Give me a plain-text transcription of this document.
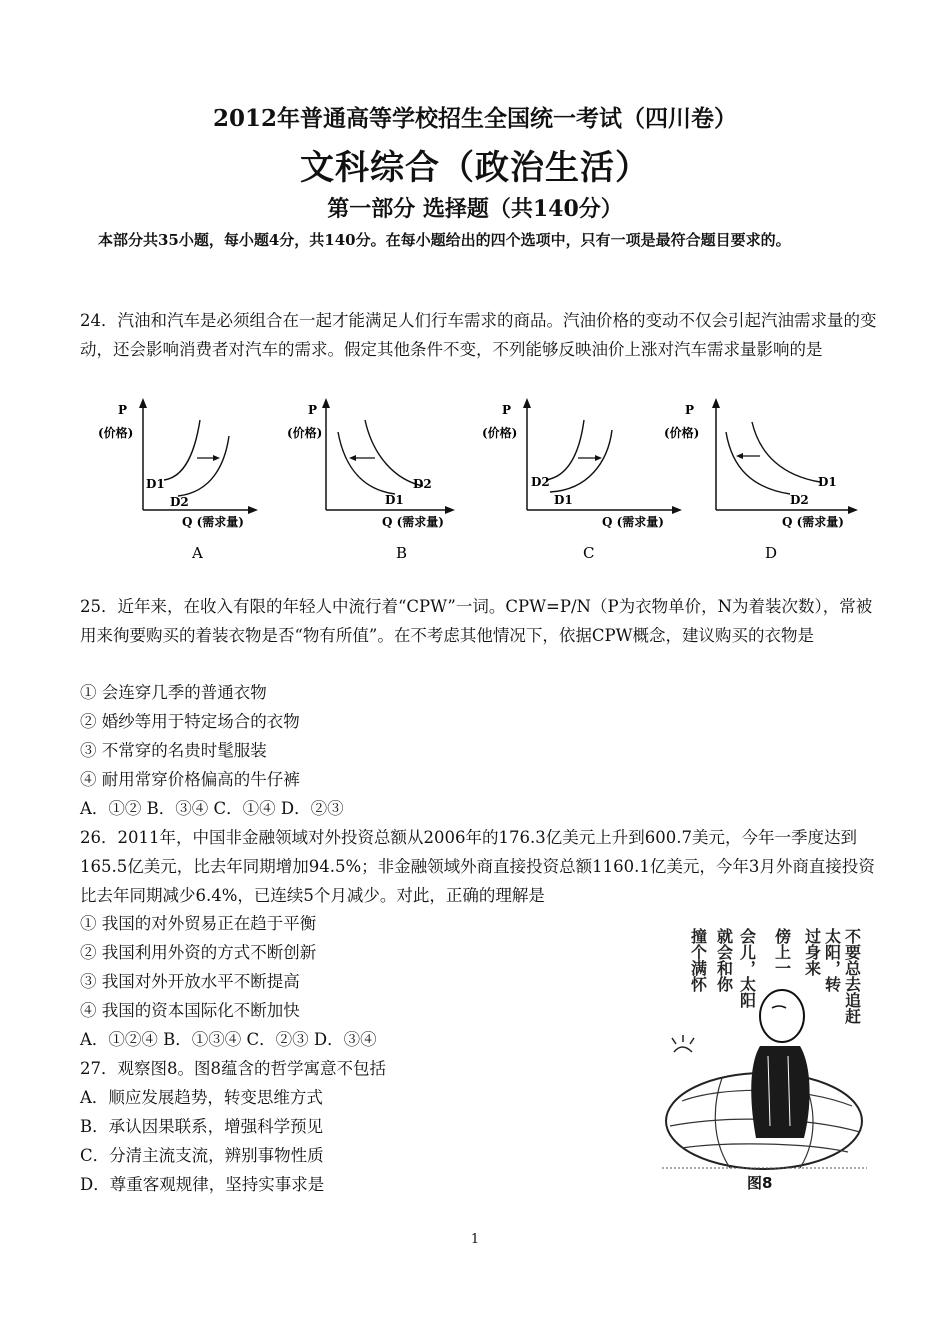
2012年普通高等学校招生全国统一考试（四川卷）
文科综合（政治生活）
第一部分 选择题（共140分）
本部分共35小题，每小题4分，共140分。在每小题给出的四个选项中，只有一项是最符合题目要求的。
24．汽油和汽车是必须组合在一起才能满足人们行车需求的商品。汽油价格的变动不仅会引起汽油需求量的变动，还会影响消费者对汽车的需求。假定其他条件不变，不列能够反映油价上涨对汽车需求量影响的是
P
(价格)
D1
D2
Q (需求量)
A
P
(价格)
D1
D2
Q (需求量)
B
P
(价格)
D2
D1
Q (需求量)
C
P
(价格)
D2
D1
Q (需求量)
D
25．近年来，在收入有限的年轻人中流行着“CPW”一词。CPW=P/N（P为衣物单价，N为着装次数），常被用来徇要购买的着装衣物是否“物有所值”。在不考虑其他情况下，依据CPW概念，建议购买的衣物是
① 会连穿几季的普通衣物
② 婚纱等用于特定场合的衣物
③ 不常穿的名贵时髦服装
④ 耐用常穿价格偏高的牛仔裤
A．①② B．③④ C．①④ D．②③
26．2011年，中国非金融领域对外投资总额从2006年的176.3亿美元上升到600.7美元，今年一季度达到165.5亿美元，比去年同期增加94.5%；非金融领域外商直接投资总额1160.1亿美元，今年3月外商直接投资比去年同期减少6.4%，已连续5个月减少。对此，正确的理解是
① 我国的对外贸易正在趋于平衡
② 我国利用外资的方式不断创新
③ 我国对外开放水平不断提高
④ 我国的资本国际化不断加快
A．①②④ B．①③④ C．②③ D．③④
27．观察图8。图8蕴含的哲学寓意不包括
A．顺应发展趋势，转变思维方式
B．承认因果联系，增强科学预见
C．分清主流支流，辨别事物性质
D．尊重客观规律，坚持实事求是
不要总去追赶
太阳，转
过身来
傍上一
会儿，太阳
就会和你
撞个满怀
图8
1
